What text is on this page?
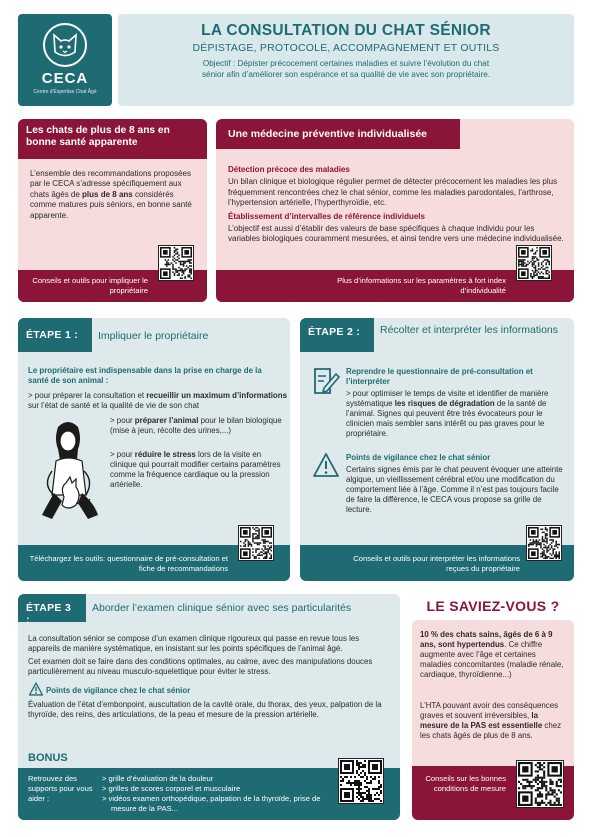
CECA
Centre d'Expertise Chat Âgé
LA CONSULTATION DU CHAT SÉNIOR
DÉPISTAGE, PROTOCOLE, ACCOMPAGNEMENT ET OUTILS
Objectif : Dépister précocement certaines maladies et suivre l’évolution du chat sénior afin d’améliorer son espérance et sa qualité de vie avec son propriétaire.
Les chats de plus de 8 ans en bonne santé apparente
L’ensemble des recommandations proposées par le CECA s’adresse spécifiquement aux chats âgés de plus de 8 ans considérés comme matures puis séniors, en bonne santé apparente.
Conseils et outils pour impliquer le propriétaire
Une médecine préventive individualisée
Détection précoce des maladies
Un bilan clinique et biologique régulier permet de détecter précocement les maladies les plus fréquemment rencontrées chez le chat sénior, comme les maladies parodontales, l’arthrose, l’hypertension artérielle, l’hyperthyroïdie, etc.
Établissement d’intervalles de référence individuels
L’objectif est aussi d’établir des valeurs de base spécifiques à chaque individu pour les variables biologiques couramment mesurées, et ainsi tendre vers une médecine individualisée.
Plus d’informations sur les paramètres à fort index d’individualité
ÉTAPE 1 :	Impliquer le propriétaire
Le propriétaire est indispensable dans la prise en charge de la santé de son animal :
> pour préparer la consultation et recueillir un maximum d’informations sur l’état de santé et la qualité de vie de son chat
> pour préparer l’animal pour le bilan biologique (mise à jeun, récolte des urines,...)
> pour réduire le stress lors de la visite en clinique qui pourrait modifier certains paramètres comme la fréquence cardiaque ou la pression artérielle.
Téléchargez les outils: questionnaire de pré-consultation et fiche de recommandations
ÉTAPE 2 :	Récolter et interpréter les informations
Reprendre le questionnaire de pré-consultation et l’interpréter
> pour optimiser le temps de visite et identifier de manière systématique les risques de dégradation de la santé de l’animal. Signes qui peuvent être très évocateurs pour le clinicien mais sembler sans intérêt ou pas graves pour le propriétaire.
Points de vigilance chez le chat sénior
Certains signes émis par le chat peuvent évoquer une atteinte algique, un vieillissement cérébral et/ou une modification du comportement liée à l’âge. Comme il n’est pas toujours facile de faire la différence, le CECA vous propose sa grille de lecture.
Conseils et outils pour interpréter les informations reçues du propriétaire
ÉTAPE 3 :
Aborder l’examen clinique sénior avec ses particularités
La consultation sénior se compose d’un examen clinique rigoureux qui passe en revue tous les appareils de manière systématique, en insistant sur les points spécifiques de l’animal âgé.
Cet examen doit se faire dans des conditions optimales, au calme, avec des manipulations douces particulièrement au niveau musculo-squelettique pour éviter le stress.
Points de vigilance chez le chat sénior
Évaluation de l’état d’embonpoint, auscultation de la cavité orale, du thorax, des yeux, palpation de la thyroïde, des reins, des articulations, de la peau et mesure de la pression artérielle.
BONUS
Retrouvez des supports pour vous aider :
> grille d’évaluation de la douleur
> grilles de scores corporel et musculaire
> vidéos examen orthopédique, palpation de la thyroïde, prise de mesure de la PAS...
LE SAVIEZ-VOUS ?
10 % des chats sains, âgés de 6 à 9 ans, sont hypertendus. Ce chiffre augmente avec l’âge et certaines maladies concomitantes (maladie rénale, cardiaque, thyroïdienne...)
L’HTA pouvant avoir des conséquences graves et souvent irréversibles, la mesure de la PAS est essentielle chez les chats âgés de plus de 8 ans.
Conseils sur les bonnes conditions de mesure
